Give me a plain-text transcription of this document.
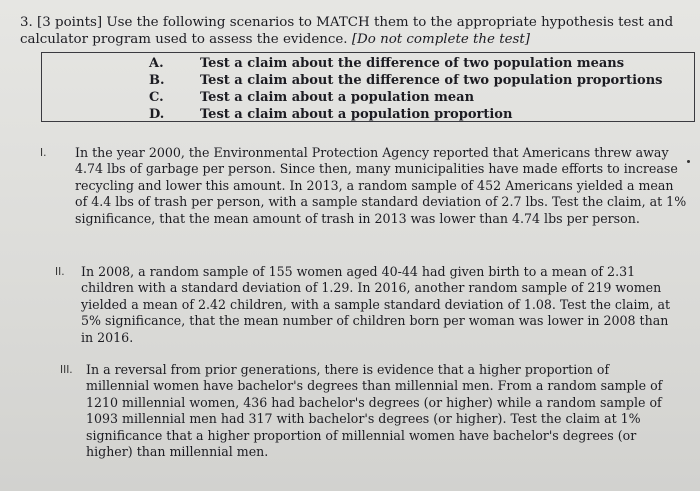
3. [3 points] Use the following scenarios to MATCH them to the appropriate hypothesis test and calculator program used to assess the evidence. [Do not complete the test]
A.	Test a claim about the difference of two population means
B.	Test a claim about the difference of two population proportions
C.	Test a claim about a population mean
D.	Test a claim about a population proportion
I. In the year 2000, the Environmental Protection Agency reported that Americans threw away 4.74 lbs of garbage per person. Since then, many municipalities have made efforts to increase recycling and lower this amount. In 2013, a random sample of 452 Americans yielded a mean of 4.4 lbs of trash per person, with a sample standard deviation of 2.7 lbs. Test the claim, at 1% significance, that the mean amount of trash in 2013 was lower than 4.74 lbs per person.
II. In 2008, a random sample of 155 women aged 40-44 had given birth to a mean of 2.31 children with a standard deviation of 1.29. In 2016, another random sample of 219 women yielded a mean of 2.42 children, with a sample standard deviation of 1.08. Test the claim, at 5% significance, that the mean number of children born per woman was lower in 2008 than in 2016.
III. In a reversal from prior generations, there is evidence that a higher proportion of millennial women have bachelor's degrees than millennial men. From a random sample of 1210 millennial women, 436 had bachelor's degrees (or higher) while a random sample of 1093 millennial men had 317 with bachelor's degrees (or higher). Test the claim at 1% significance that a higher proportion of millennial women have bachelor's degrees (or higher) than millennial men.
